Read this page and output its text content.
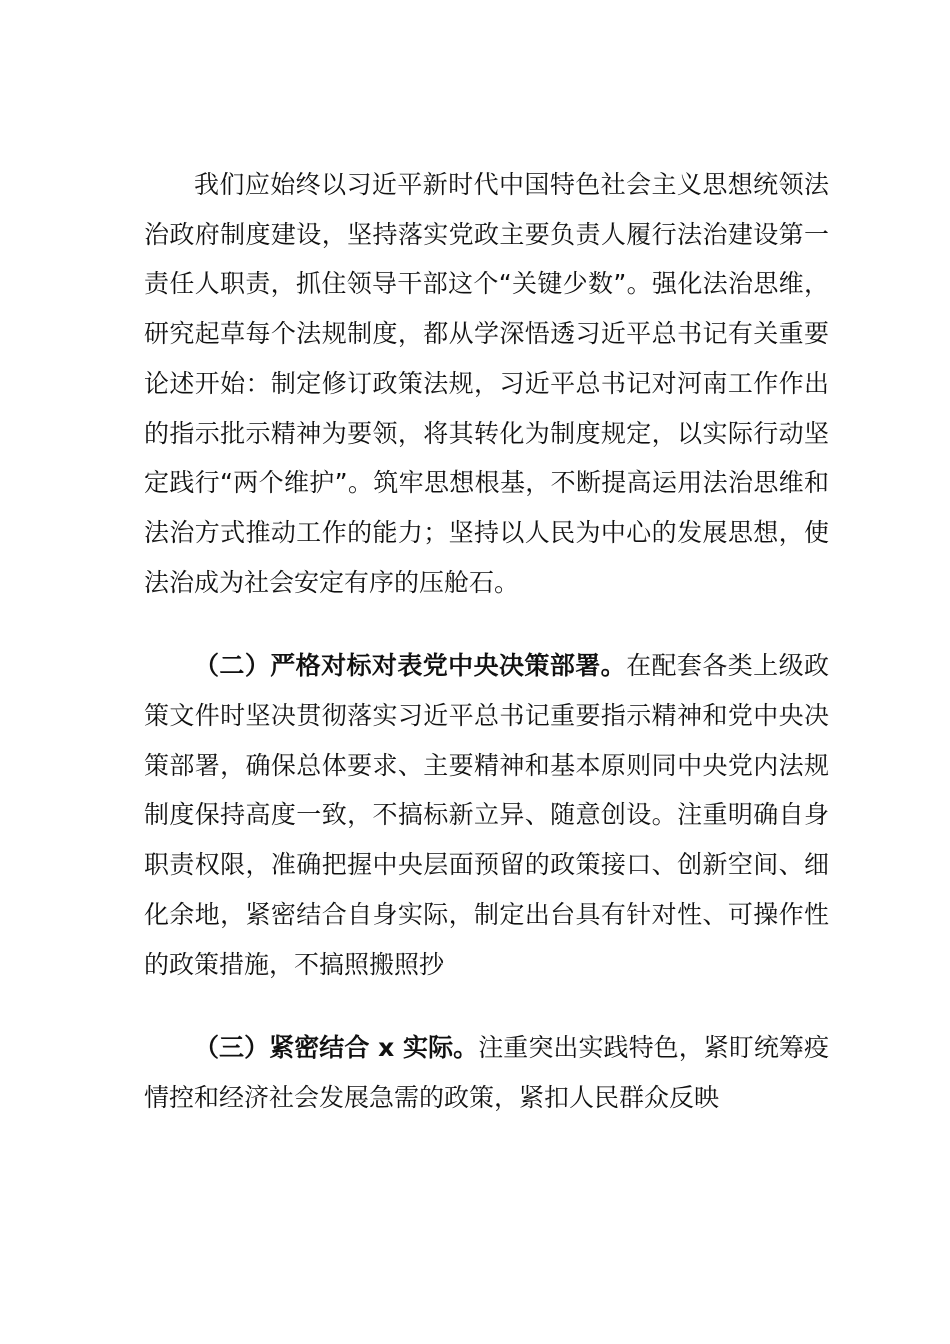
我们应始终以习近平新时代中国特色社会主义思想统领法治政府制度建设，坚持落实党政主要负责人履行法治建设第一责任人职责，抓住领导干部这个“关键少数”。强化法治思维，研究起草每个法规制度，都从学深悟透习近平总书记有关重要论述开始：制定修订政策法规，习近平总书记对河南工作作出的指示批示精神为要领，将其转化为制度规定，以实际行动坚定践行“两个维护”。筑牢思想根基，不断提高运用法治思维和法治方式推动工作的能力；坚持以人民为中心的发展思想，使法治成为社会安定有序的压舱石。

（二）严格对标对表党中央决策部署。在配套各类上级政策文件时坚决贯彻落实习近平总书记重要指示精神和党中央决策部署，确保总体要求、主要精神和基本原则同中央党内法规制度保持高度一致，不搞标新立异、随意创设。注重明确自身职责权限，准确把握中央层面预留的政策接口、创新空间、细化余地，紧密结合自身实际，制定出台具有针对性、可操作性的政策措施，不搞照搬照抄

（三）紧密结合 x 实际。注重突出实践特色，紧盯统筹疫情控和经济社会发展急需的政策，紧扣人民群众反映
